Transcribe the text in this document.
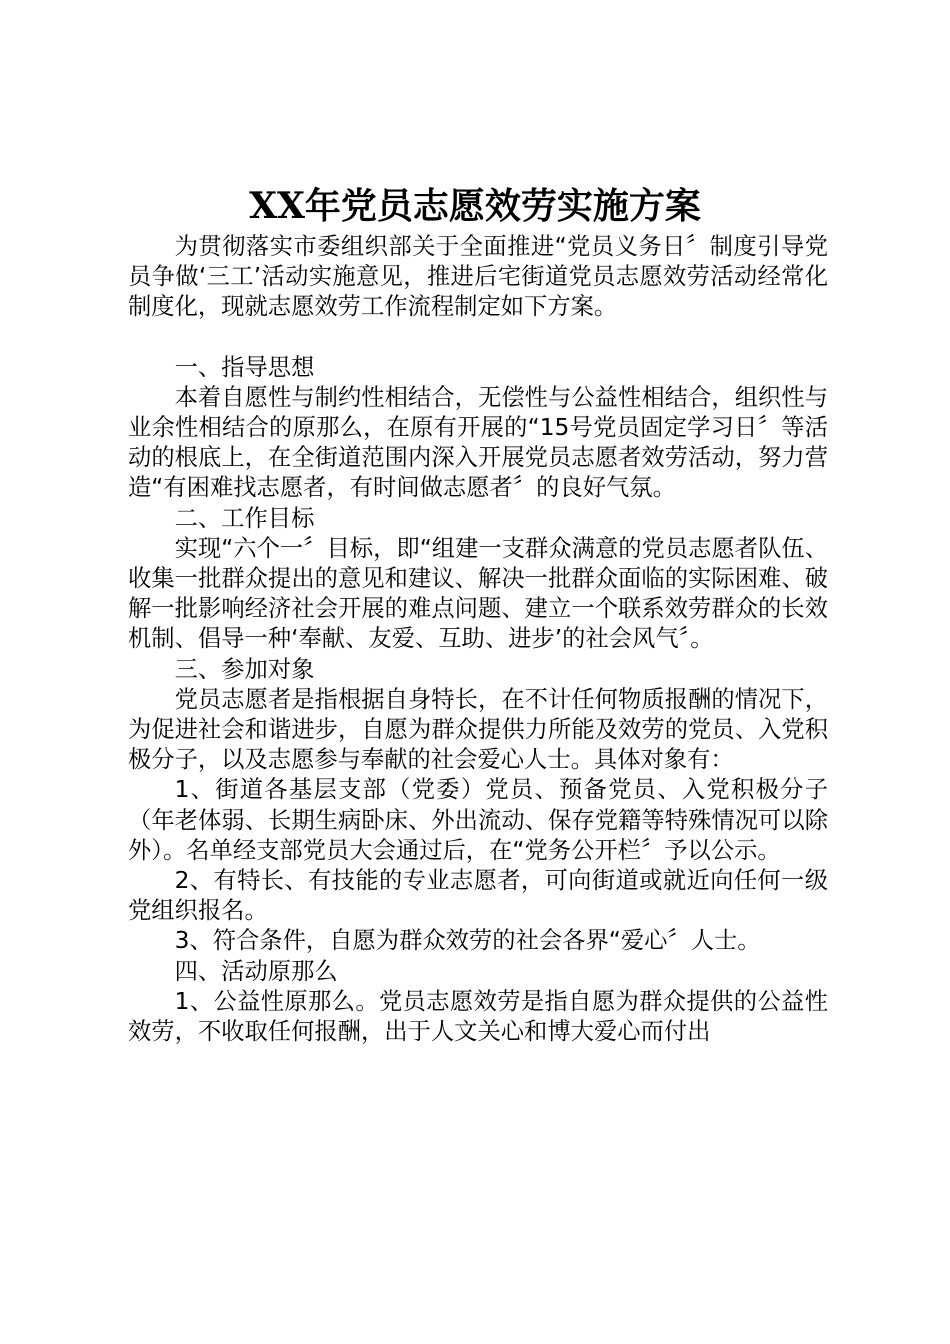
XX年党员志愿效劳实施方案

为贯彻落实市委组织部关于全面推进“党员义务日〞制度引导党员争做‘三工’活动实施意见，推进后宅街道党员志愿效劳活动经常化制度化，现就志愿效劳工作流程制定如下方案。

一、指导思想

本着自愿性与制约性相结合，无偿性与公益性相结合，组织性与业余性相结合的原那么，在原有开展的“15号党员固定学习日〞等活动的根底上，在全街道范围内深入开展党员志愿者效劳活动，努力营造“有困难找志愿者，有时间做志愿者〞的良好气氛。

二、工作目标

实现“六个一〞目标，即“组建一支群众满意的党员志愿者队伍、收集一批群众提出的意见和建议、解决一批群众面临的实际困难、破解一批影响经济社会开展的难点问题、建立一个联系效劳群众的长效机制、倡导一种‘奉献、友爱、互助、进步’的社会风气〞。

三、参加对象

党员志愿者是指根据自身特长，在不计任何物质报酬的情况下，为促进社会和谐进步，自愿为群众提供力所能及效劳的党员、入党积极分子，以及志愿参与奉献的社会爱心人士。具体对象有：

1、街道各基层支部（党委）党员、预备党员、入党积极分子（年老体弱、长期生病卧床、外出流动、保存党籍等特殊情况可以除外）。名单经支部党员大会通过后，在“党务公开栏〞予以公示。

2、有特长、有技能的专业志愿者，可向街道或就近向任何一级党组织报名。

3、符合条件，自愿为群众效劳的社会各界“爱心〞人士。

四、活动原那么

1、公益性原那么。党员志愿效劳是指自愿为群众提供的公益性效劳，不收取任何报酬，出于人文关心和博大爱心而付出
